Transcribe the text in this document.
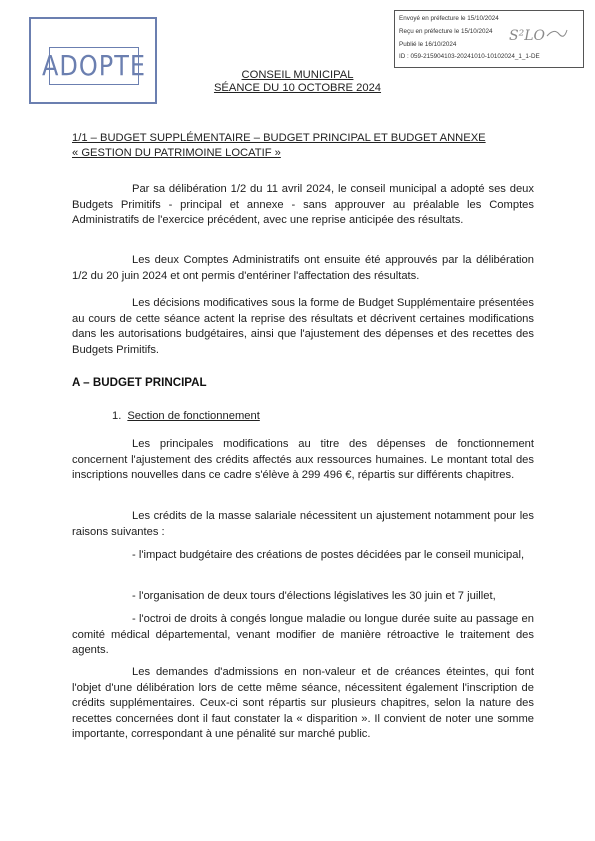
ADOPTE
Envoyé en préfecture le 15/10/2024
Reçu en préfecture le 15/10/2024
Publié le 16/10/2024
ID : 059-215904103-20241010-10102024_1_1-DE
S²LO
CONSEIL MUNICIPAL
SÉANCE DU 10 OCTOBRE 2024
1/1 – BUDGET SUPPLÉMENTAIRE – BUDGET PRINCIPAL ET BUDGET ANNEXE
« GESTION DU PATRIMOINE LOCATIF »

Par sa délibération 1/2 du 11 avril 2024, le conseil municipal a adopté ses deux Budgets Primitifs - principal et annexe - sans approuver au préalable les Comptes Administratifs de l'exercice précédent, avec une reprise anticipée des résultats.

Les deux Comptes Administratifs ont ensuite été approuvés par la délibération 1/2 du 20 juin 2024 et ont permis d'entériner l'affectation des résultats.

Les décisions modificatives sous la forme de Budget Supplémentaire présentées au cours de cette séance actent la reprise des résultats et décrivent certaines modifications dans les autorisations budgétaires, ainsi que l'ajustement des dépenses et des recettes des Budgets Primitifs.

A – BUDGET PRINCIPAL
1. Section de fonctionnement

Les principales modifications au titre des dépenses de fonctionnement concernent l'ajustement des crédits affectés aux ressources humaines. Le montant total des inscriptions nouvelles dans ce cadre s'élève à 299 496 €, répartis sur différents chapitres.

Les crédits de la masse salariale nécessitent un ajustement notamment pour les raisons suivantes :

- l'impact budgétaire des créations de postes décidées par le conseil municipal,

- l'organisation de deux tours d'élections législatives les 30 juin et 7 juillet,

- l'octroi de droits à congés longue maladie ou longue durée suite au passage en comité médical départemental, venant modifier de manière rétroactive le traitement des agents.

Les demandes d'admissions en non-valeur et de créances éteintes, qui font l'objet d'une délibération lors de cette même séance, nécessitent également l'inscription de crédits supplémentaires. Ceux-ci sont répartis sur plusieurs chapitres, selon la nature des recettes concernées dont il faut constater la « disparition ». Il convient de noter une somme importante, correspondant à une pénalité sur marché public.
